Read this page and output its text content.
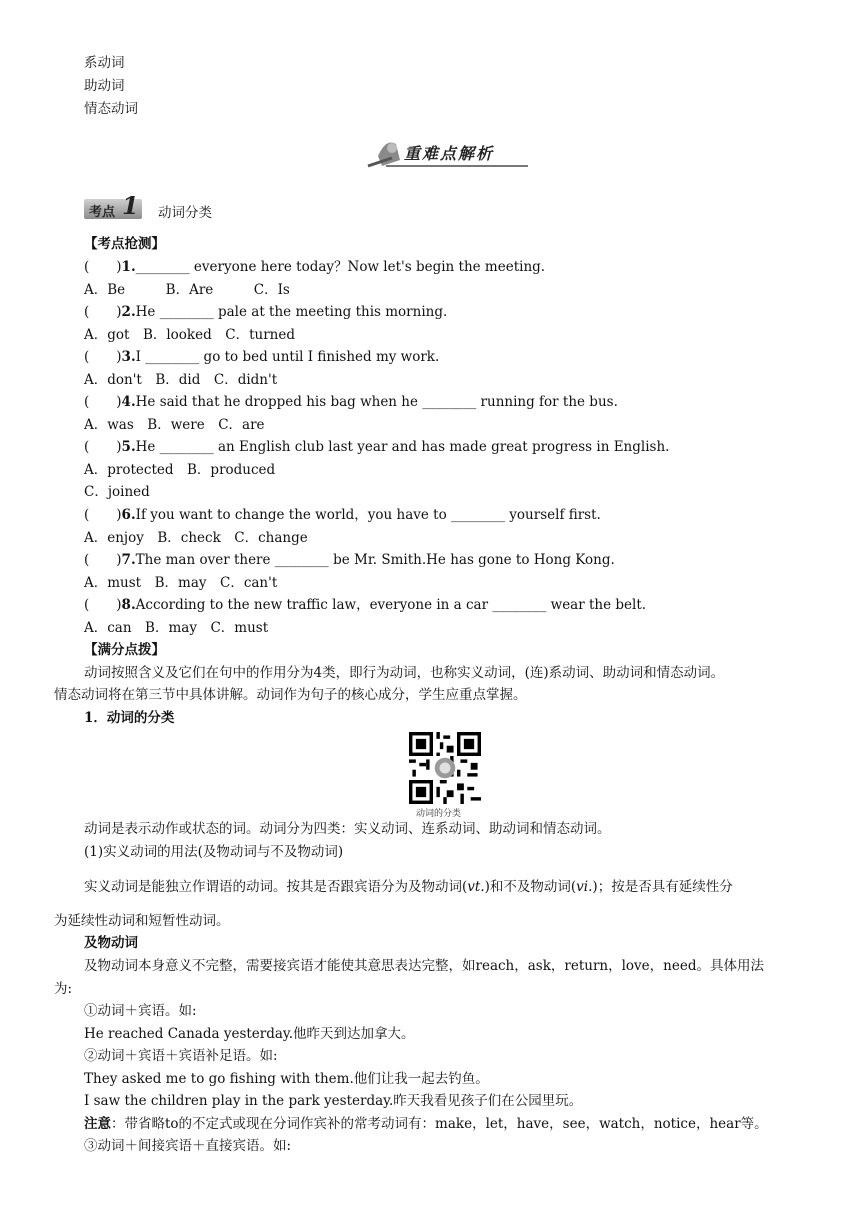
系动词
助动词
情态动词
重难点解析
考点 1 动词分类
【考点抢测】
(　　)1.________ everyone here today？Now let's begin the meeting.
A．Be　　　B．Are　　　C．Is
(　　)2.He ________ pale at the meeting this morning.
A．got　B．looked　C．turned
(　　)3.I ________ go to bed until I finished my work.
A．don't　B．did　C．didn't
(　　)4.He said that he dropped his bag when he ________ running for the bus.
A．was　B．were　C．are
(　　)5.He ________ an English club last year and has made great progress in English.
A．protected　B．produced
C．joined
(　　)6.If you want to change the world，you have to ________ yourself first.
A．enjoy　B．check　C．change
(　　)7.The man over there ________ be Mr. Smith.He has gone to Hong Kong.
A．must　B．may　C．can't
(　　)8.According to the new traffic law，everyone in a car ________ wear the belt.
A．can　B．may　C．must
【满分点拨】
动词按照含义及它们在句中的作用分为4类，即行为动词，也称实义动词，(连)系动词、助动词和情态动词。
情态动词将在第三节中具体讲解。动词作为句子的核心成分，学生应重点掌握。
1．动词的分类
动词的分类
动词是表示动作或状态的词。动词分为四类：实义动词、连系动词、助动词和情态动词。
(1)实义动词的用法(及物动词与不及物动词)
实义动词是能独立作谓语的动词。按其是否跟宾语分为及物动词(vt.)和不及物动词(vi.)；按是否具有延续性分
为延续性动词和短暂性动词。
及物动词
及物动词本身意义不完整，需要接宾语才能使其意思表达完整，如reach，ask，return，love，need。具体用法
为:
①动词＋宾语。如:
He reached Canada yesterday.他昨天到达加拿大。
②动词＋宾语＋宾语补足语。如:
They asked me to go fishing with them.他们让我一起去钓鱼。
I saw the children play in the park yesterday.昨天我看见孩子们在公园里玩。
注意：带省略to的不定式或现在分词作宾补的常考动词有：make，let，have，see，watch，notice，hear等。
③动词＋间接宾语＋直接宾语。如:
